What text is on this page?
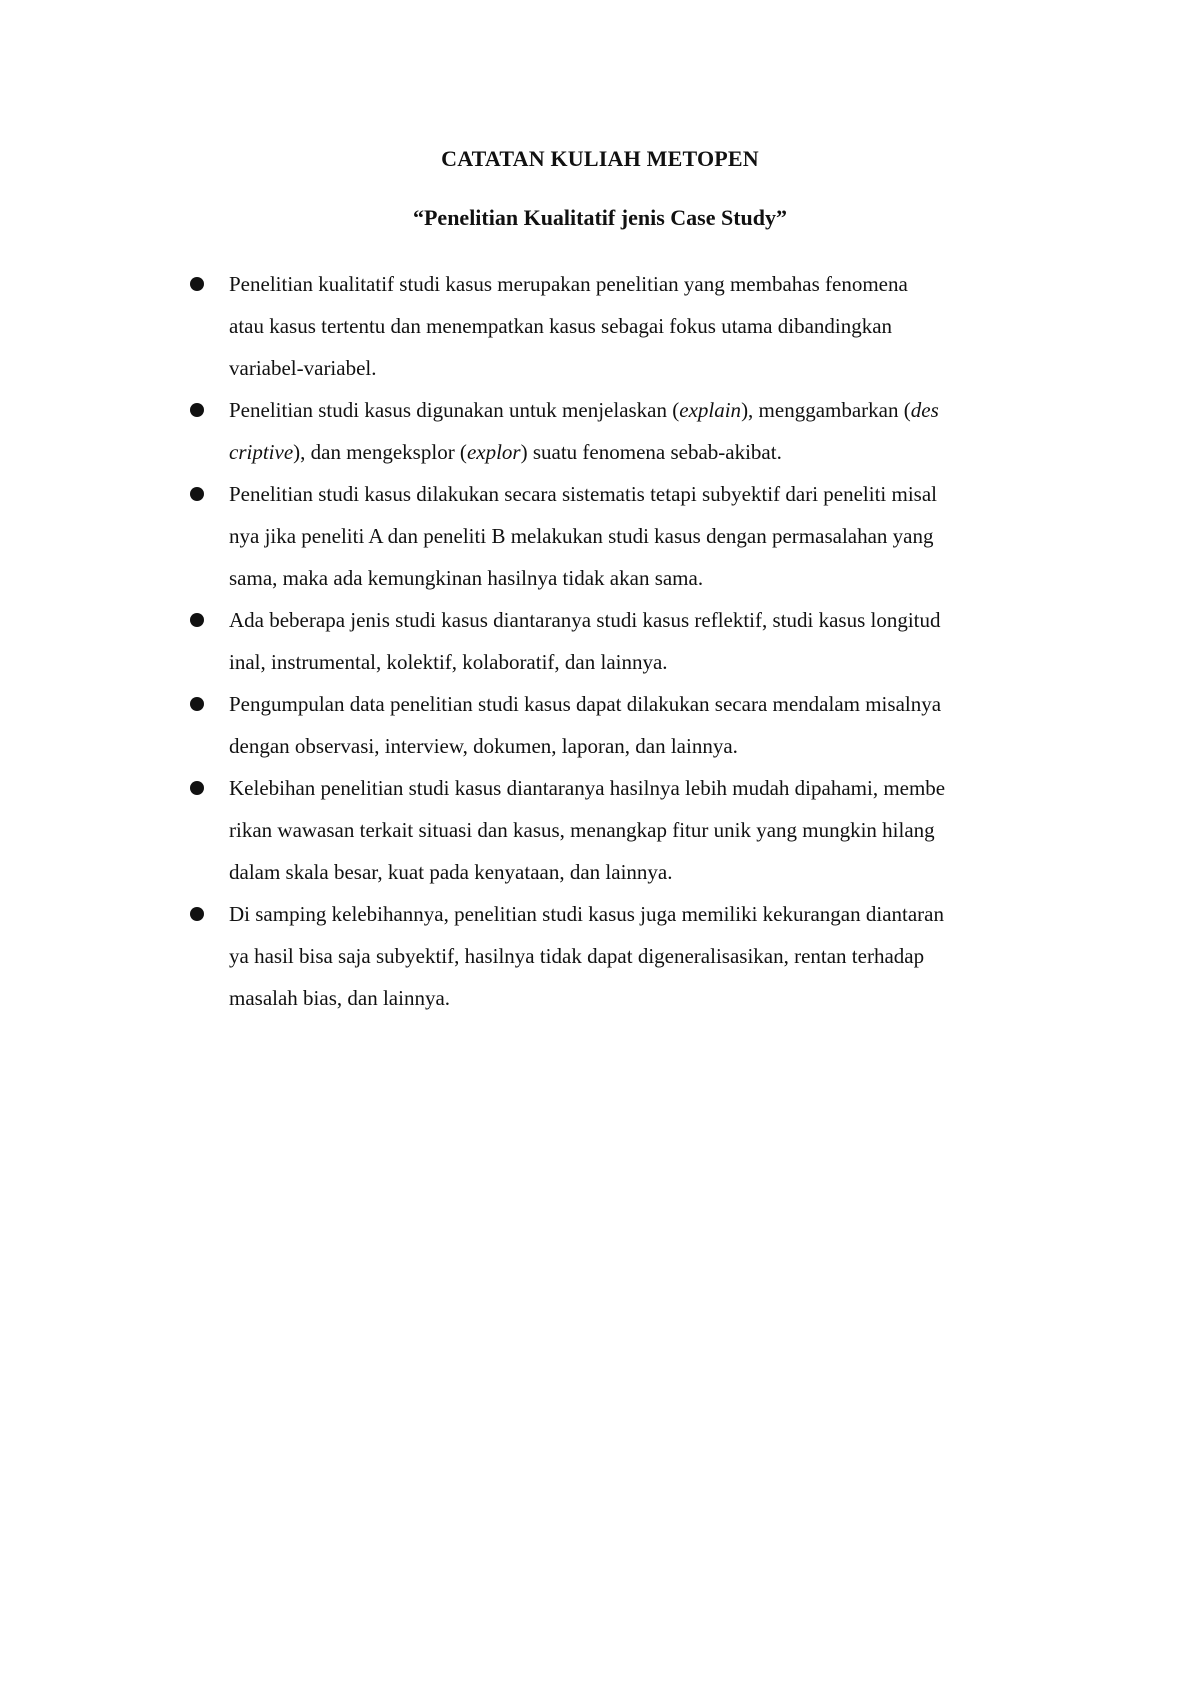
CATATAN KULIAH METOPEN
“Penelitian Kualitatif jenis Case Study”
Penelitian kualitatif studi kasus merupakan penelitian yang membahas fenomena
atau kasus tertentu dan menempatkan kasus sebagai fokus utama dibandingkan
variabel-variabel.
Penelitian studi kasus digunakan untuk menjelaskan (explain), menggambarkan (des
criptive), dan mengeksplor (explor) suatu fenomena sebab-akibat.
Penelitian studi kasus dilakukan secara sistematis tetapi subyektif dari peneliti misal
nya jika peneliti A dan peneliti B melakukan studi kasus dengan permasalahan yang
sama, maka ada kemungkinan hasilnya tidak akan sama.
Ada beberapa jenis studi kasus diantaranya studi kasus reflektif, studi kasus longitud
inal, instrumental, kolektif, kolaboratif, dan lainnya.
Pengumpulan data penelitian studi kasus dapat dilakukan secara mendalam misalnya
dengan observasi, interview, dokumen, laporan, dan lainnya.
Kelebihan penelitian studi kasus diantaranya hasilnya lebih mudah dipahami, membe
rikan wawasan terkait situasi dan kasus, menangkap fitur unik yang mungkin hilang
dalam skala besar, kuat pada kenyataan, dan lainnya.
Di samping kelebihannya, penelitian studi kasus juga memiliki kekurangan diantaran
ya hasil bisa saja subyektif, hasilnya tidak dapat digeneralisasikan, rentan terhadap
masalah bias, dan lainnya.
